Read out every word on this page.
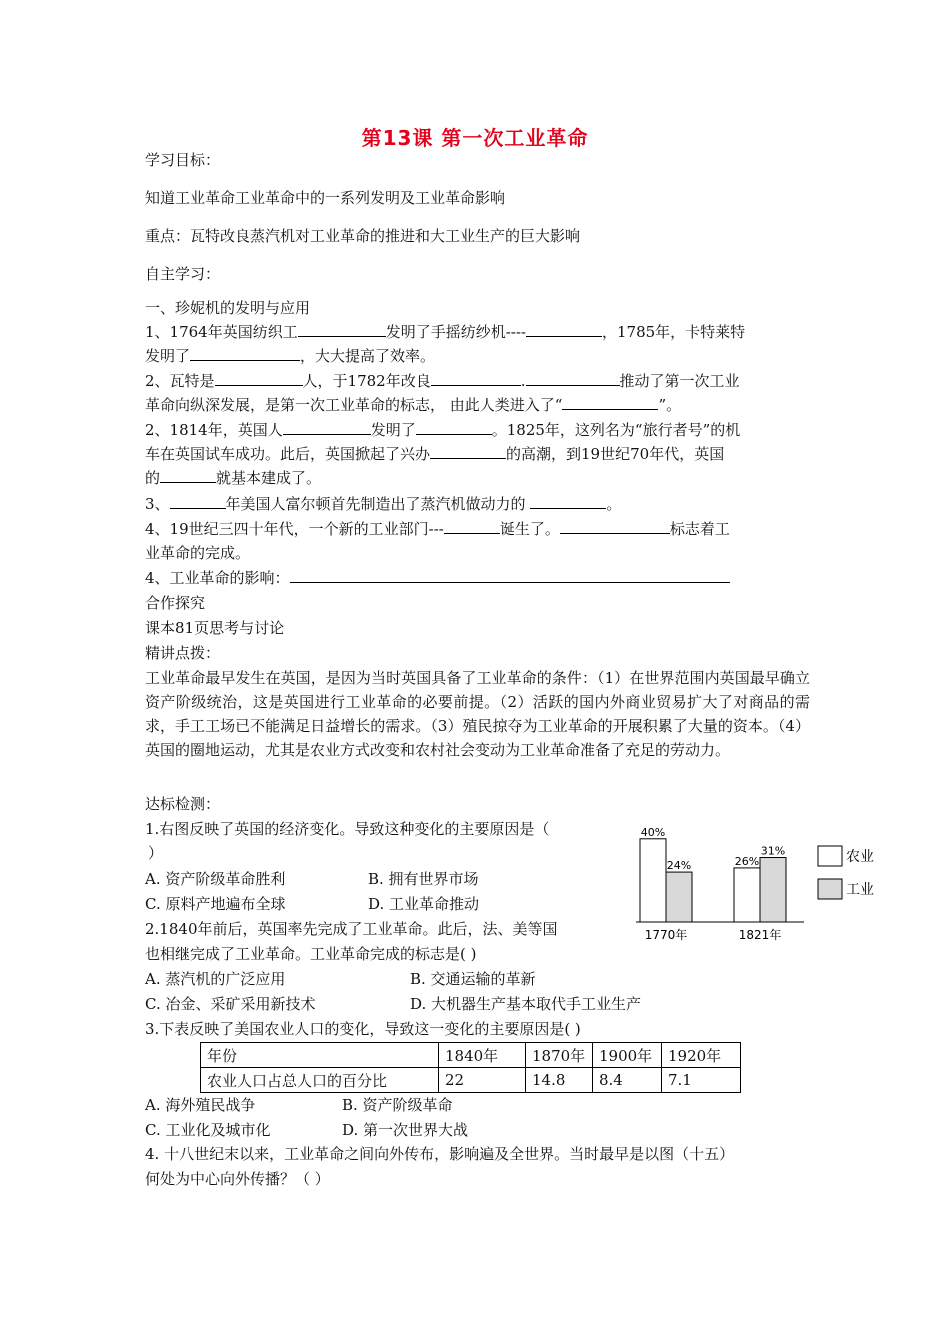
第13课 第一次工业革命
学习目标：
知道工业革命工业革命中的一系列发明及工业革命影响
重点：瓦特改良蒸汽机对工业革命的推进和大工业生产的巨大影响
自主学习：
一、珍妮机的发明与应用
1、1764年英国纺织工	发明了手摇纺纱机----	，1785年，卡特莱特
发明了	，大大提高了效率。
2、瓦特是	人，于1782年改良	.	推动了第一次工业
革命向纵深发展，是第一次工业革命的标志， 由此人类进入了“	”。
2、1814年，英国人	发明了	。1825年，这列名为“旅行者号”的机
车在英国试车成功。此后，英国掀起了兴办	的高潮，到19世纪70年代，英国
的	就基本建成了。
3、	年美国人富尔顿首先制造出了蒸汽机做动力的	。
4、19世纪三四十年代，一个新的工业部门---	诞生了。	标志着工
业革命的完成。
4、工业革命的影响：
合作探究
课本81页思考与讨论
精讲点拨：
工业革命最早发生在英国，是因为当时英国具备了工业革命的条件：（1）在世界范围内英国最早确立资产阶级统治，这是英国进行工业革命的必要前提。（2）活跃的国内外商业贸易扩大了对商品的需求，手工工场已不能满足日益增长的需求。（3）殖民掠夺为工业革命的开展积累了大量的资本。（4）英国的圈地运动，尤其是农业方式改变和农村社会变动为工业革命准备了充足的劳动力。
达标检测：
1.右图反映了英国的经济变化。导致这种变化的主要原因是（
）
A. 资产阶级革命胜利	B. 拥有世界市场
C. 原料产地遍布全球	D. 工业革命推动
40%
26%
24%
31%
1770年	1821年
农业
工业
2.1840年前后，英国率先完成了工业革命。此后，法、美等国
也相继完成了工业革命。工业革命完成的标志是( )
A. 蒸汽机的广泛应用	B. 交通运输的革新
C. 冶金、采矿采用新技术	D. 大机器生产基本取代手工业生产
3.下表反映了美国农业人口的变化，导致这一变化的主要原因是( )
年份	1840年	1870年	1900年	1920年
农业人口占总人口的百分比	22	14.8	8.4	7.1
A. 海外殖民战争	B. 资产阶级革命
C. 工业化及城市化	D. 第一次世界大战
4. 十八世纪末以来，工业革命之间向外传布，影响遍及全世界。当时最早是以图（十五）
何处为中心向外传播？（ ）
